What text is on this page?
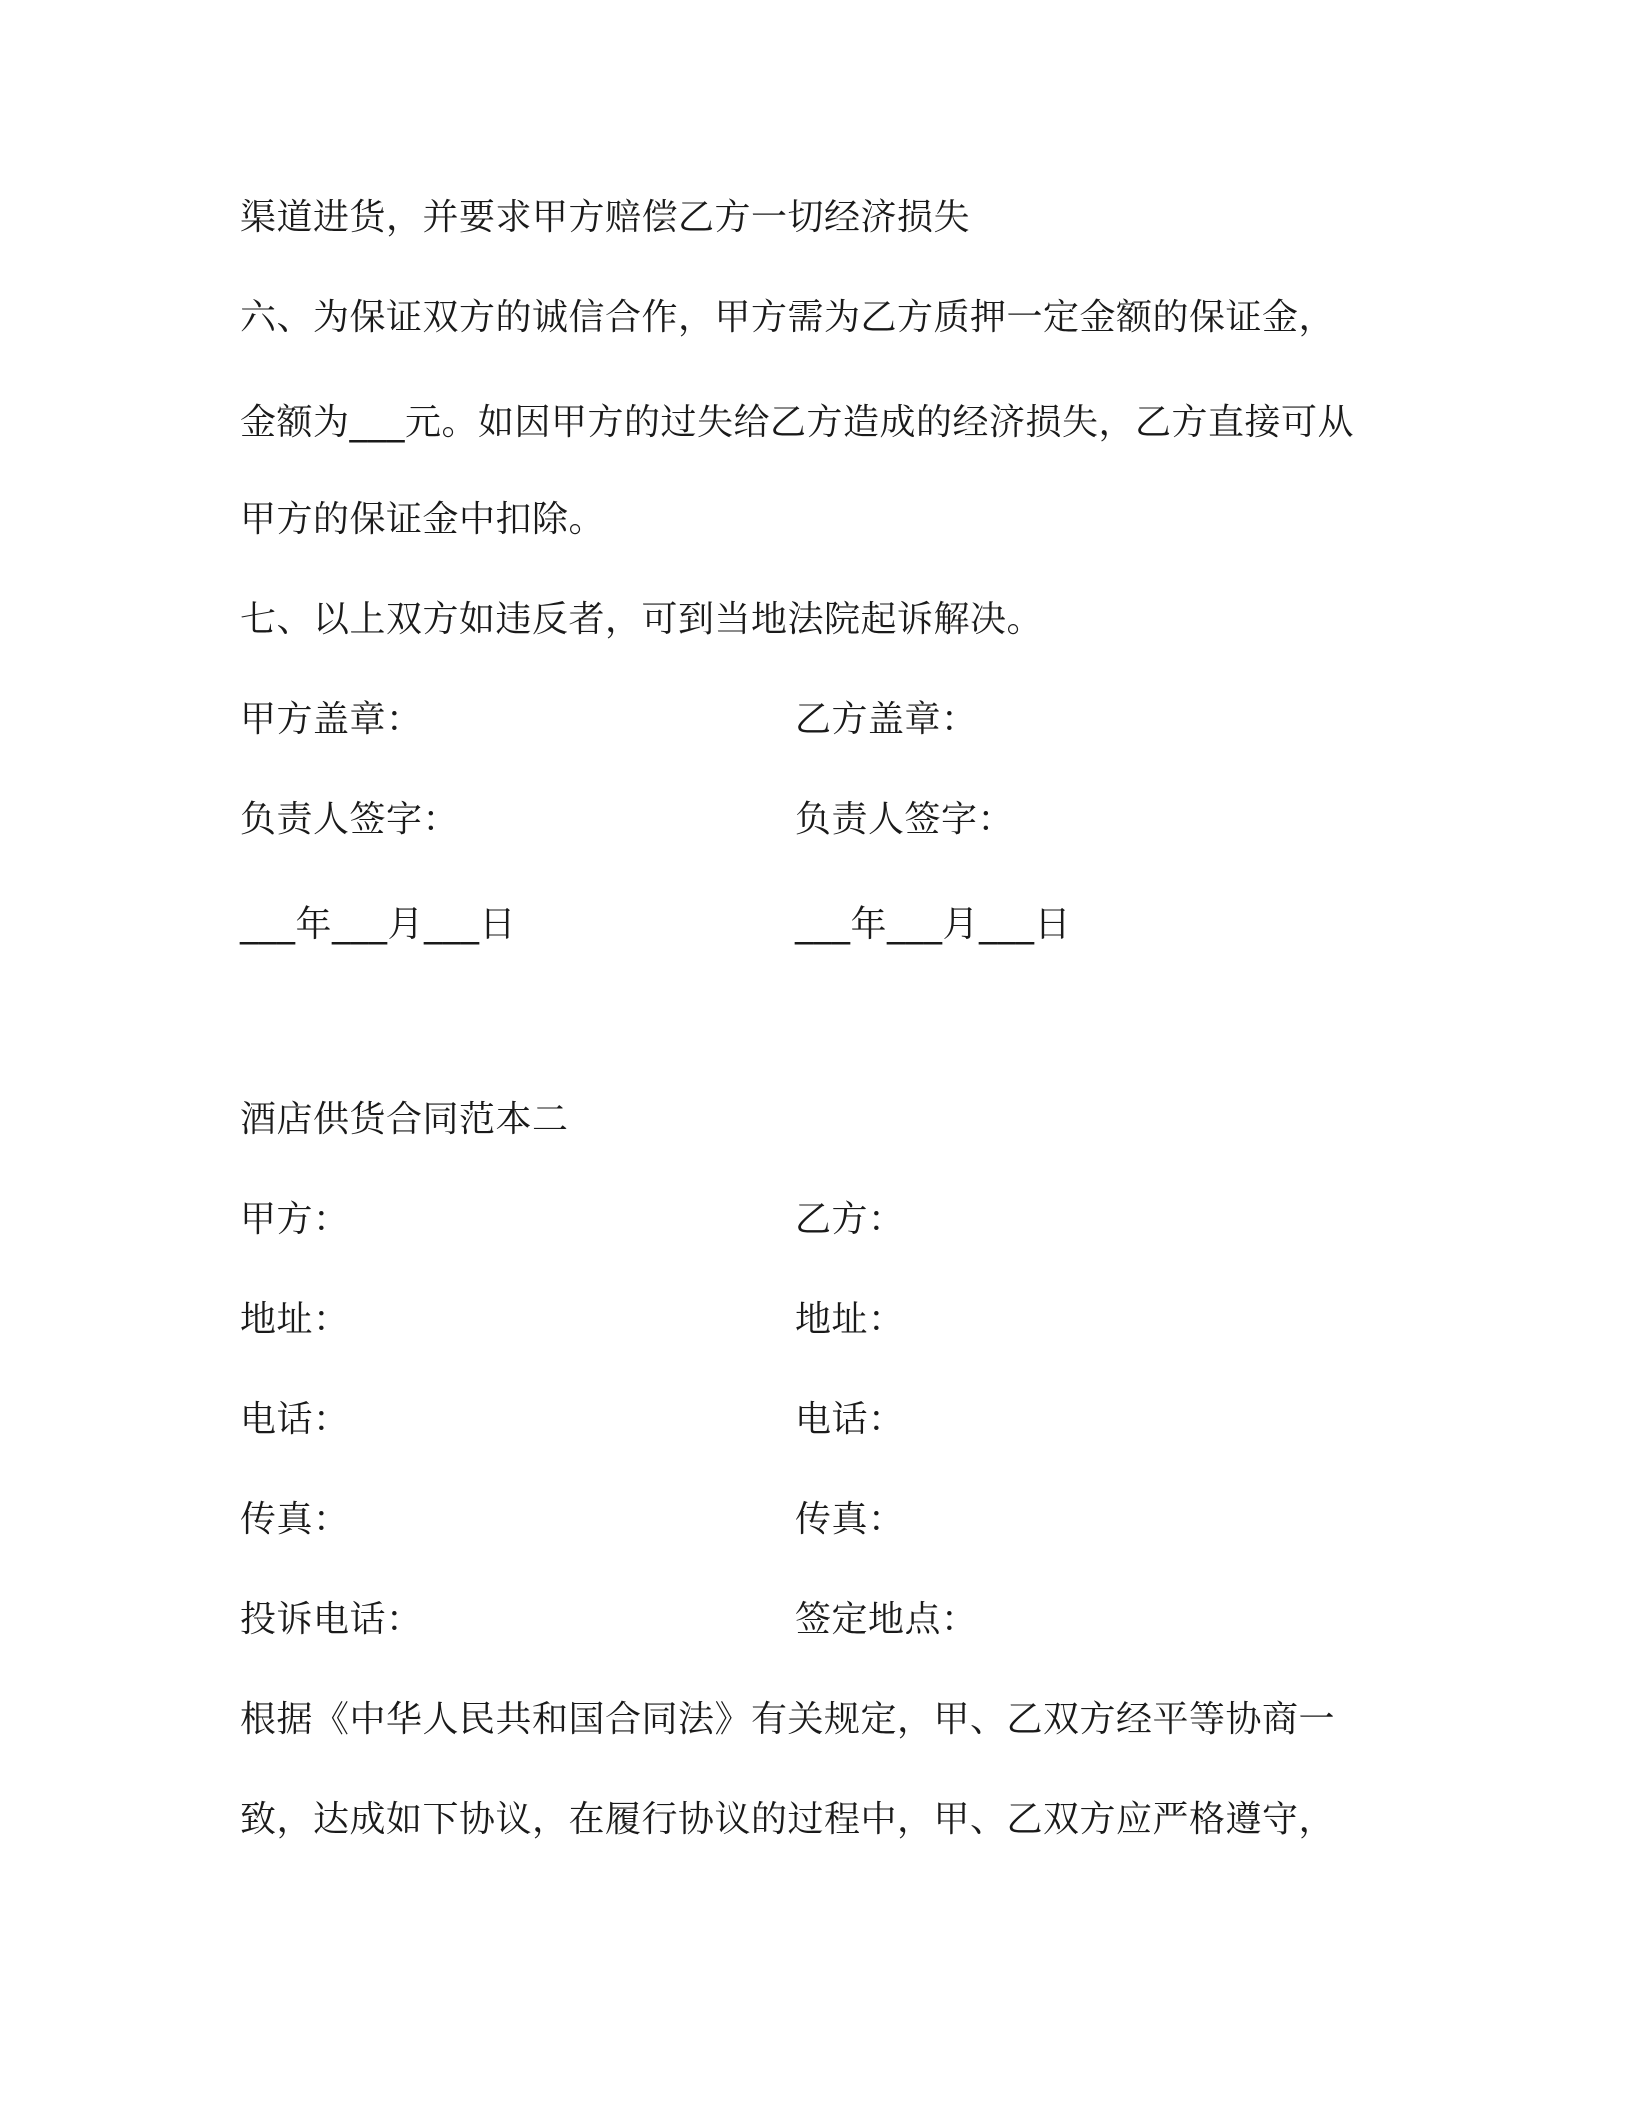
渠道进货，并要求甲方赔偿乙方一切经济损失
六、为保证双方的诚信合作，甲方需为乙方质押一定金额的保证金，
金额为___元。如因甲方的过失给乙方造成的经济损失，乙方直接可从
甲方的保证金中扣除。
七、以上双方如违反者，可到当地法院起诉解决。
甲方盖章：	乙方盖章：
负责人签字：	负责人签字：
___年___月___日	___年___月___日
酒店供货合同范本二
甲方：	乙方：
地址：	地址：
电话：	电话：
传真：	传真：
投诉电话：	签定地点：
根据《中华人民共和国合同法》有关规定，甲、乙双方经平等协商一
致，达成如下协议，在履行协议的过程中，甲、乙双方应严格遵守，
